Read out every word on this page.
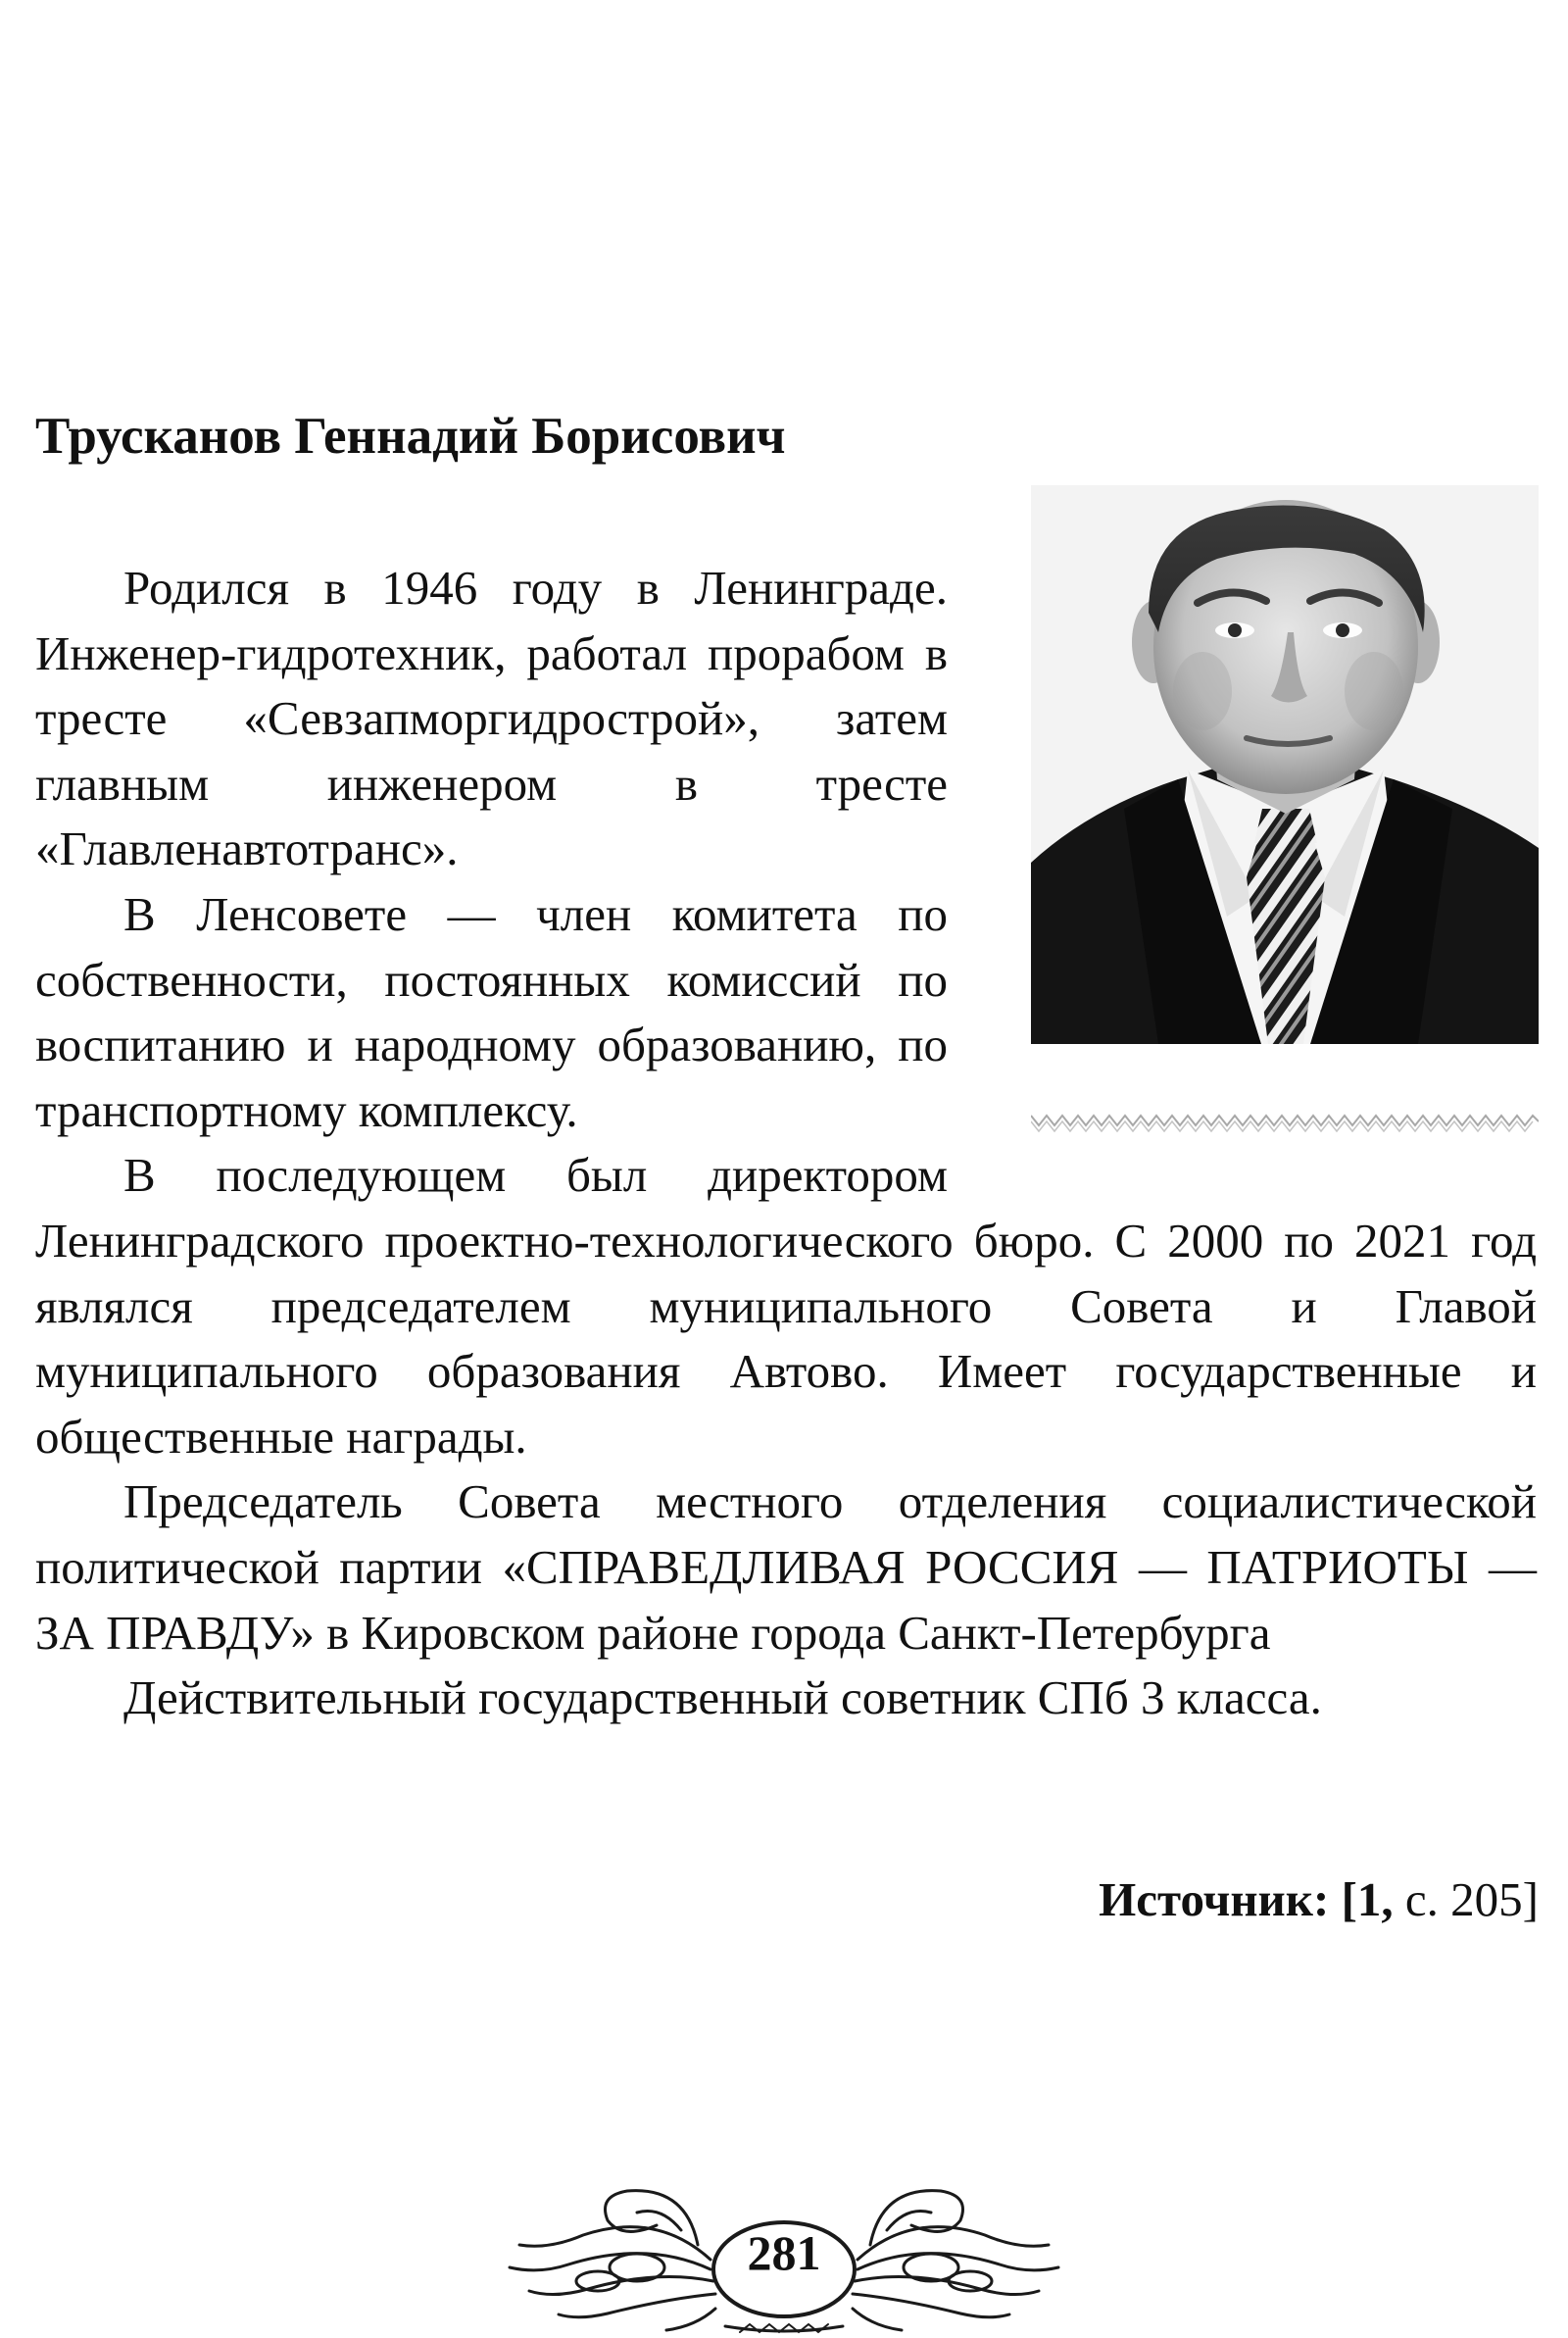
Трусканов Геннадий Борисович

Родился в 1946 году в Ленинграде. Инженер-гидротехник, работал прорабом в тресте «Севзапморгидрострой», затем главным инженером в тресте «Главленавтотранс».

В Ленсовете — член комитета по собственности, постоянных комиссий по воспитанию и народному образованию, по транспортному комплексу.

В последующем был директором Ленинградского проектно-технологического бюро. С 2000 по 2021 год являлся председателем муниципального Совета и Главой муниципального образования Автово. Имеет государственные и общественные награды.

Председатель Совета местного отделения социалистической политической партии «СПРАВЕДЛИВАЯ РОССИЯ — ПАТРИОТЫ — ЗА ПРАВДУ» в Кировском районе города Санкт-Петербурга

Действительный государственный советник СПб 3 класса.

Источник: [1, с. 205]
281
